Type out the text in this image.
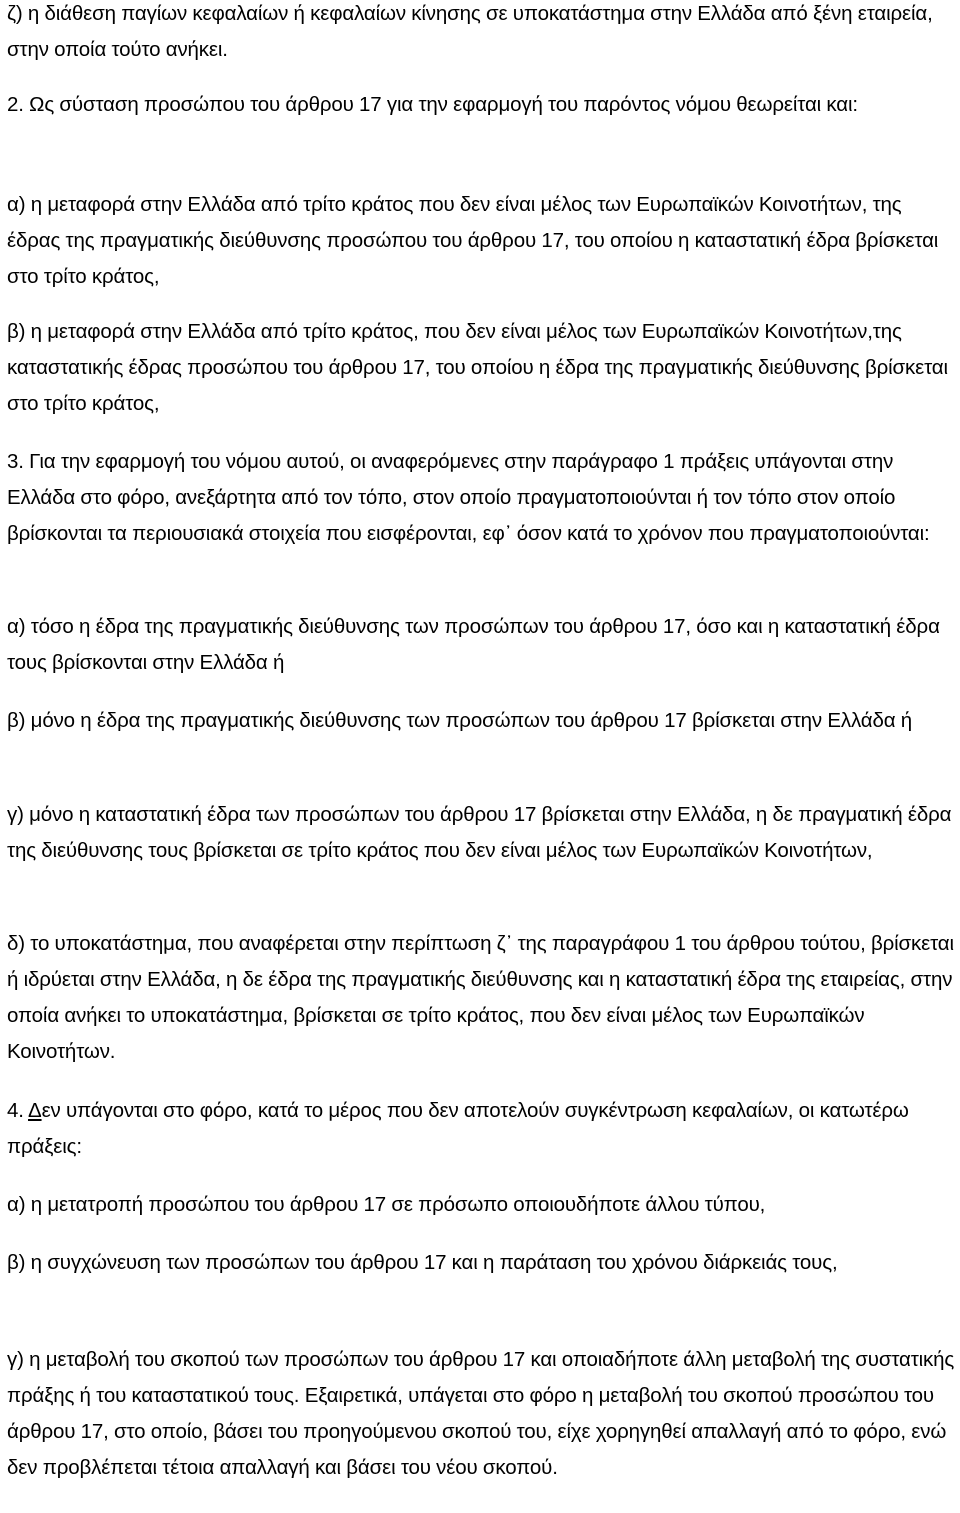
ζ) η διάθεση παγίων κεφαλαίων ή κεφαλαίων κίνησης σε υποκατάστημα στην Ελλάδα από ξένη εταιρεία, στην οποία τούτο ανήκει.

2. Ως σύσταση προσώπου του άρθρου 17 για την εφαρμογή του παρόντος νόμου θεωρείται και:

α) η μεταφορά στην Ελλάδα από τρίτο κράτος που δεν είναι μέλος των Ευρωπαϊκών Κοινοτήτων, της έδρας της πραγματικής διεύθυνσης προσώπου του άρθρου 17, του οποίου η καταστατική έδρα βρίσκεται στο τρίτο κράτος,

β) η μεταφορά στην Ελλάδα από τρίτο κράτος, που δεν είναι μέλος των Ευρωπαϊκών Κοινοτήτων,της καταστατικής έδρας προσώπου του άρθρου 17, του οποίου η έδρα της πραγματικής διεύθυνσης βρίσκεται στο τρίτο κράτος,

3. Για την εφαρμογή του νόμου αυτού, οι αναφερόμενες στην παράγραφο 1 πράξεις υπάγονται στην Ελλάδα στο φόρο, ανεξάρτητα από τον τόπο, στον οποίο πραγματοποιούνται ή τον τόπο στον οποίο βρίσκονται τα περιουσιακά στοιχεία που εισφέρονται, εφ᾽ όσον κατά το χρόνον που πραγματοποιούνται:

α) τόσο η έδρα της πραγματικής διεύθυνσης των προσώπων του άρθρου 17, όσο και η καταστατική έδρα τους βρίσκονται στην Ελλάδα ή

β) μόνο η έδρα της πραγματικής διεύθυνσης των προσώπων του άρθρου 17 βρίσκεται στην Ελλάδα ή

γ) μόνο η καταστατική έδρα των προσώπων του άρθρου 17 βρίσκεται στην Ελλάδα, η δε πραγματική έδρα της διεύθυνσης τους βρίσκεται σε τρίτο κράτος που δεν είναι μέλος των Ευρωπαϊκών Κοινοτήτων,

δ) το υποκατάστημα, που αναφέρεται στην περίπτωση ζ᾽ της παραγράφου 1 του άρθρου τούτου, βρίσκεται ή ιδρύεται στην Ελλάδα, η δε έδρα της πραγματικής διεύθυνσης και η καταστατική έδρα της εταιρείας, στην οποία ανήκει το υποκατάστημα, βρίσκεται σε τρίτο κράτος, που δεν είναι μέλος των Ευρωπαϊκών Κοινοτήτων.

4. Δεν υπάγονται στο φόρο, κατά το μέρος που δεν αποτελούν συγκέντρωση κεφαλαίων, οι κατωτέρω πράξεις:

α) η μετατροπή προσώπου του άρθρου 17 σε πρόσωπο οποιουδήποτε άλλου τύπου,

β) η συγχώνευση των προσώπων του άρθρου 17 και η παράταση του χρόνου διάρκειάς τους,

γ) η μεταβολή του σκοπού των προσώπων του άρθρου 17 και οποιαδήποτε άλλη μεταβολή της συστατικής πράξης ή του καταστατικού τους. Εξαιρετικά, υπάγεται στο φόρο η μεταβολή του σκοπού προσώπου του άρθρου 17, στο οποίο, βάσει του προηγούμενου σκοπού του, είχε χορηγηθεί απαλλαγή από το φόρο, ενώ δεν προβλέπεται τέτοια απαλλαγή και βάσει του νέου σκοπού.
